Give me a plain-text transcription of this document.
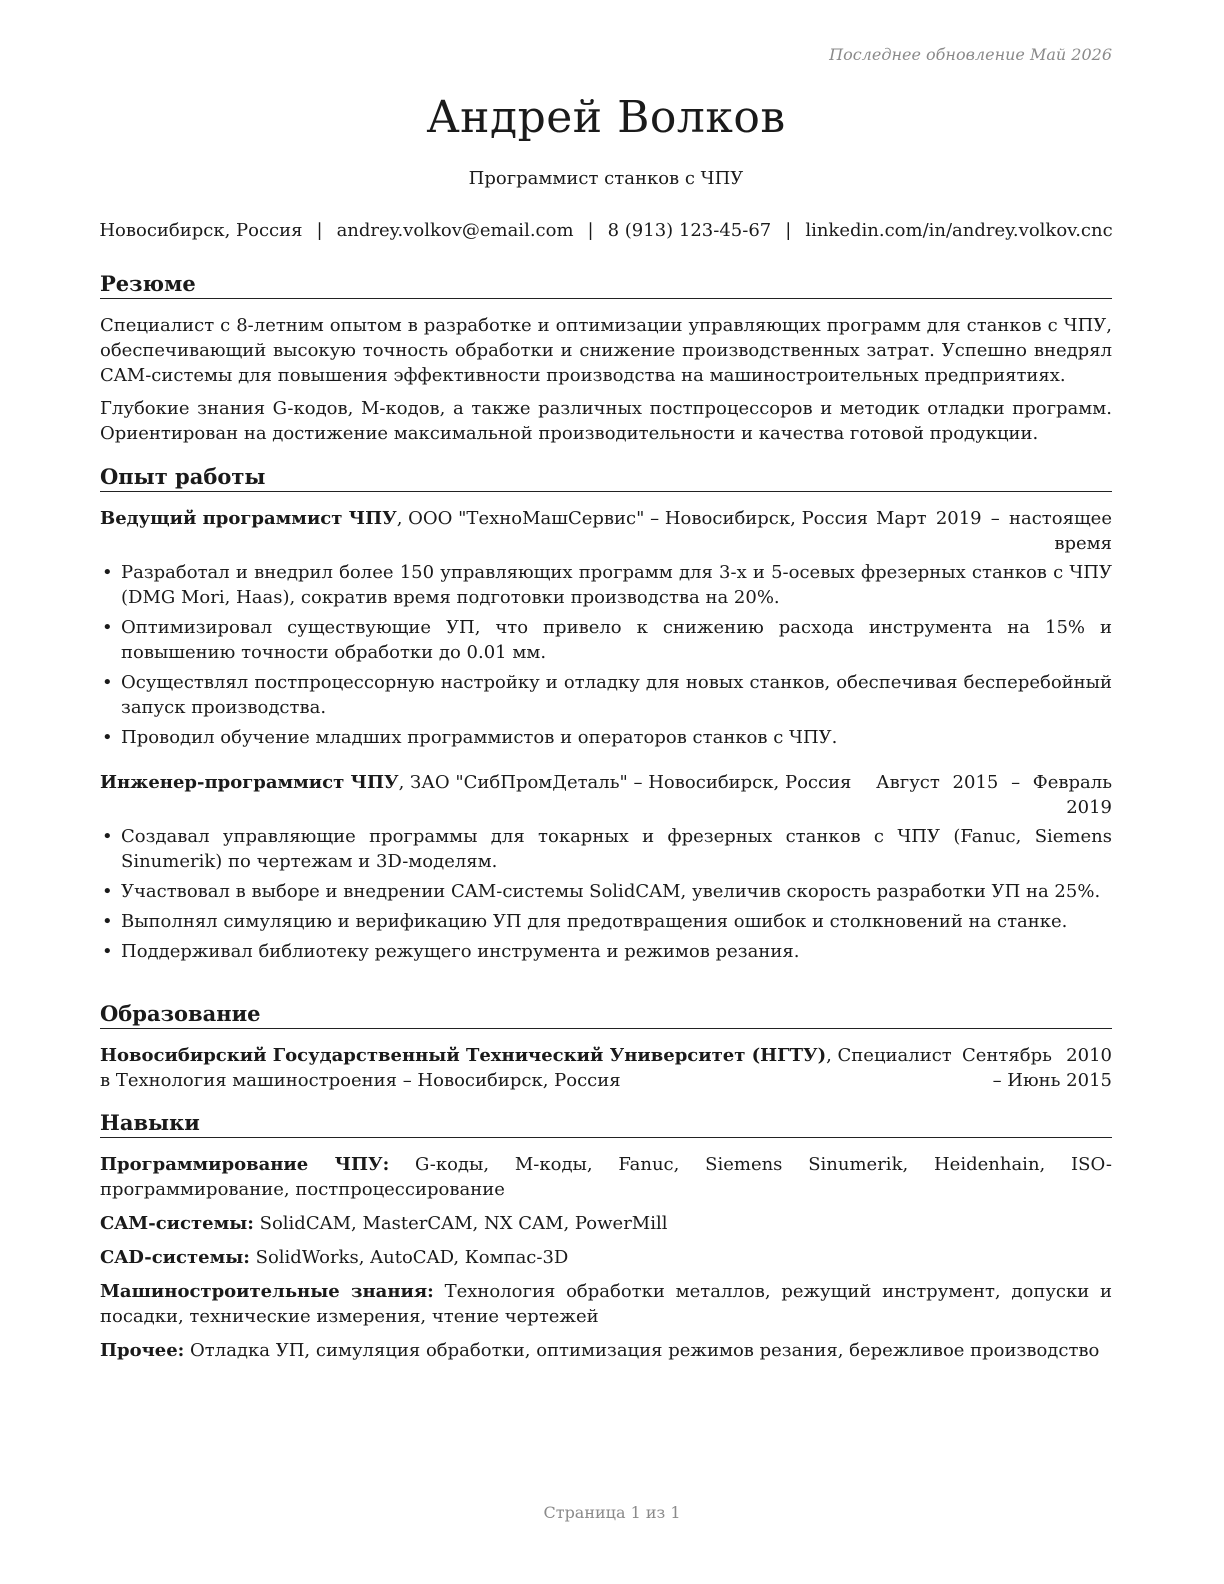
Последнее обновление Май 2026
Андрей Волков
Программист станков с ЧПУ
Новосибирск, Россия | andrey.volkov@email.com | 8 (913) 123-45-67 | linkedin.com/in/andrey.volkov.cnc
Резюме

Специалист с 8-летним опытом в разработке и оптимизации управляющих программ для станков с ЧПУ, обеспечивающий высокую точность обработки и снижение производственных затрат. Успешно внедрял CAM-системы для повышения эффективности производства на машиностроительных предприятиях.

Глубокие знания G-кодов, M-кодов, а также различных постпроцессоров и методик отладки программ. Ориентирован на достижение максимальной производительности и качества готовой продукции.

Опыт работы
Ведущий программист ЧПУ, ООО "ТехноМашСервис" – Новосибирск, Россия Март 2019 – настоящее время
• Разработал и внедрил более 150 управляющих программ для 3-х и 5-осевых фрезерных станков с ЧПУ (DMG Mori, Haas), сократив время подготовки производства на 20%.
• Оптимизировал существующие УП, что привело к снижению расхода инструмента на 15% и повышению точности обработки до 0.01 мм.
• Осуществлял постпроцессорную настройку и отладку для новых станков, обеспечивая бесперебойный запуск производства.
• Проводил обучение младших программистов и операторов станков с ЧПУ.
Инженер-программист ЧПУ, ЗАО "СибПромДеталь" – Новосибирск, Россия Август 2015 – Февраль 2019
• Создавал управляющие программы для токарных и фрезерных станков с ЧПУ (Fanuc, Siemens Sinumerik) по чертежам и 3D-моделям.
• Участвовал в выборе и внедрении CAM-системы SolidCAM, увеличив скорость разработки УП на 25%.
• Выполнял симуляцию и верификацию УП для предотвращения ошибок и столкновений на станке.
• Поддерживал библиотеку режущего инструмента и режимов резания.
Образование
Новосибирский Государственный Технический Университет (НГТУ), Специалист в Технология машиностроения – Новосибирск, Россия
Сентябрь 2010 – Июнь 2015
Навыки
Программирование ЧПУ: G-коды, M-коды, Fanuc, Siemens Sinumerik, Heidenhain, ISO-программирование, постпроцессирование
CAM-системы: SolidCAM, MasterCAM, NX CAM, PowerMill
CAD-системы: SolidWorks, AutoCAD, Компас-3D
Машиностроительные знания: Технология обработки металлов, режущий инструмент, допуски и посадки, технические измерения, чтение чертежей
Прочее: Отладка УП, симуляция обработки, оптимизация режимов резания, бережливое производство
Страница 1 из 1
